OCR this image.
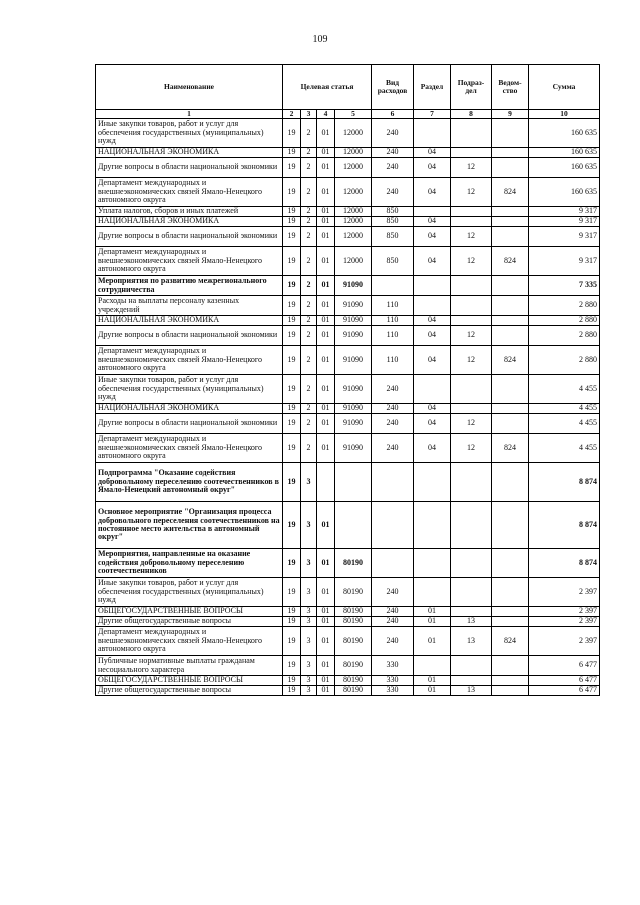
109
Наименование	Целевая статья				Вид расходов	Раздел	Подраз-дел	Ведом-ство	Сумма
1	2	3	4	5	6	7	8	9	10
Иные закупки товаров, работ и услуг для обеспечения государственных (муниципальных) нужд	19	2	01	12000	240				160 635
НАЦИОНАЛЬНАЯ ЭКОНОМИКА	19	2	01	12000	240	04			160 635
Другие вопросы в области национальной экономики	19	2	01	12000	240	04	12		160 635
Департамент международных и внешнеэкономических связей Ямало-Ненецкого автономного округа	19	2	01	12000	240	04	12	824	160 635
Уплата налогов, сборов и иных платежей	19	2	01	12000	850				9 317
НАЦИОНАЛЬНАЯ ЭКОНОМИКА	19	2	01	12000	850	04			9 317
Другие вопросы в области национальной экономики	19	2	01	12000	850	04	12		9 317
Департамент международных и внешнеэкономических связей Ямало-Ненецкого автономного округа	19	2	01	12000	850	04	12	824	9 317
Мероприятия по развитию межрегионального сотрудничества	19	2	01	91090					7 335
Расходы на выплаты персоналу казенных учреждений	19	2	01	91090	110				2 880
НАЦИОНАЛЬНАЯ ЭКОНОМИКА	19	2	01	91090	110	04			2 880
Другие вопросы в области национальной экономики	19	2	01	91090	110	04	12		2 880
Департамент международных и внешнеэкономических связей Ямало-Ненецкого автономного округа	19	2	01	91090	110	04	12	824	2 880
Иные закупки товаров, работ и услуг для обеспечения государственных (муниципальных) нужд	19	2	01	91090	240				4 455
НАЦИОНАЛЬНАЯ ЭКОНОМИКА	19	2	01	91090	240	04			4 455
Другие вопросы в области национальной экономики	19	2	01	91090	240	04	12		4 455
Департамент международных и внешнеэкономических связей Ямало-Ненецкого автономного округа	19	2	01	91090	240	04	12	824	4 455
Подпрограмма "Оказание содействия добровольному переселению соотечественников в Ямало-Ненецкий автономный округ"	19	3							8 874
Основное мероприятие "Организация процесса добровольного переселения соотечественников на постоянное место жительства в автономный округ"	19	3	01						8 874
Мероприятия, направленные на оказание содействия добровольному переселению соотечественников	19	3	01	80190					8 874
Иные закупки товаров, работ и услуг для обеспечения государственных (муниципальных) нужд	19	3	01	80190	240				2 397
ОБЩЕГОСУДАРСТВЕННЫЕ ВОПРОСЫ	19	3	01	80190	240	01			2 397
Другие общегосударственные вопросы	19	3	01	80190	240	01	13		2 397
Департамент международных и внешнеэкономических связей Ямало-Ненецкого автономного округа	19	3	01	80190	240	01	13	824	2 397
Публичные нормативные выплаты гражданам несоциального характера	19	3	01	80190	330				6 477
ОБЩЕГОСУДАРСТВЕННЫЕ ВОПРОСЫ	19	3	01	80190	330	01			6 477
Другие общегосударственные вопросы	19	3	01	80190	330	01	13		6 477
